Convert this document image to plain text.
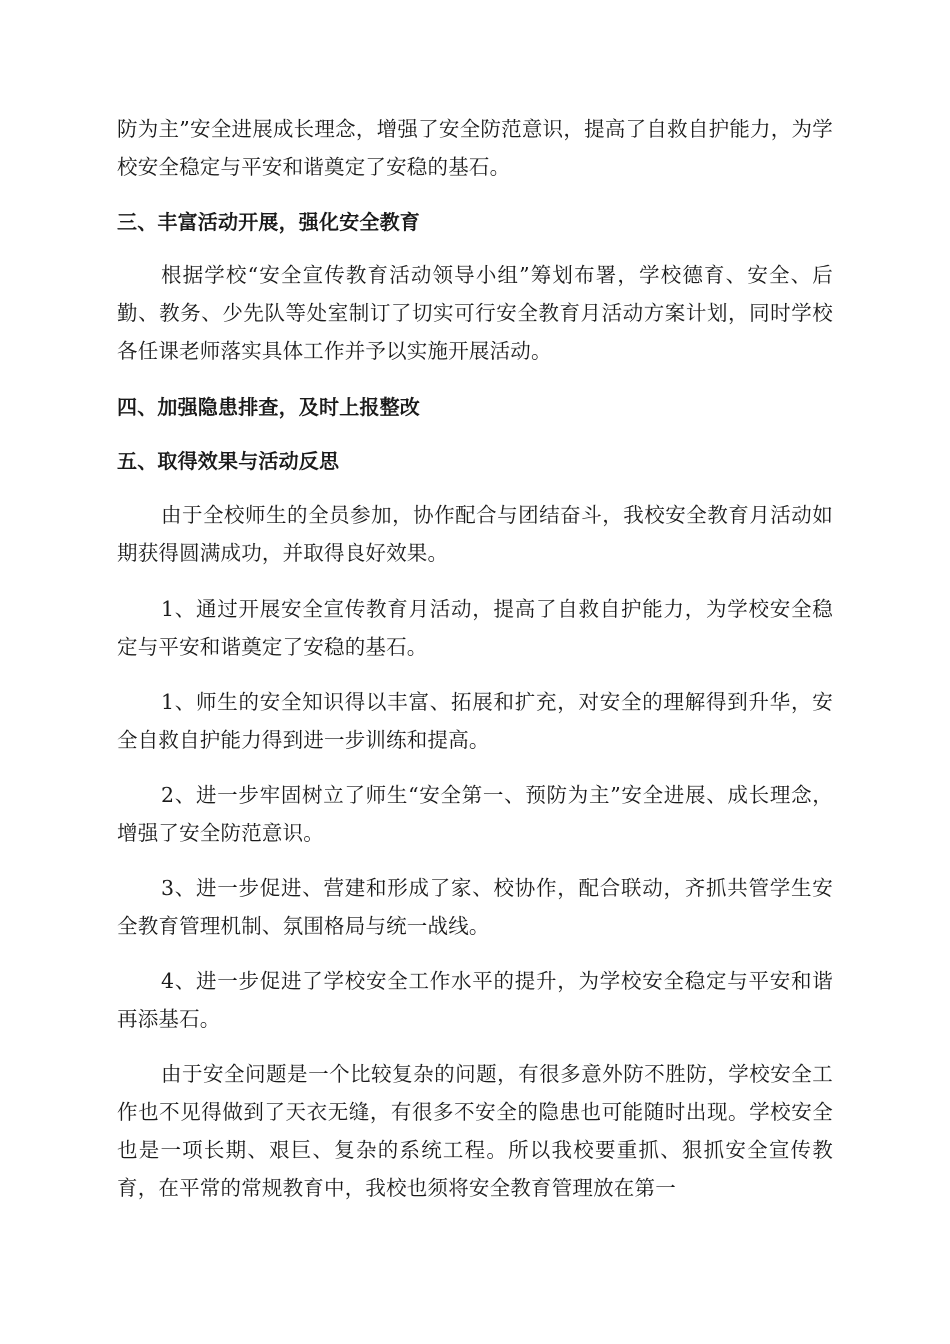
防为主”安全进展成长理念，增强了安全防范意识，提高了自救自护能力，为学校安全稳定与平安和谐奠定了安稳的基石。

三、丰富活动开展，强化安全教育

根据学校“安全宣传教育活动领导小组”筹划布署，学校德育、安全、后勤、教务、少先队等处室制订了切实可行安全教育月活动方案计划，同时学校各任课老师落实具体工作并予以实施开展活动。

四、加强隐患排查，及时上报整改
五、取得效果与活动反思

由于全校师生的全员参加，协作配合与团结奋斗，我校安全教育月活动如期获得圆满成功，并取得良好效果。

1、通过开展安全宣传教育月活动，提高了自救自护能力，为学校安全稳定与平安和谐奠定了安稳的基石。

1、师生的安全知识得以丰富、拓展和扩充，对安全的理解得到升华，安全自救自护能力得到进一步训练和提高。

2、进一步牢固树立了师生“安全第一、预防为主”安全进展、成长理念，增强了安全防范意识。

3、进一步促进、营建和形成了家、校协作，配合联动，齐抓共管学生安全教育管理机制、氛围格局与统一战线。

4、进一步促进了学校安全工作水平的提升，为学校安全稳定与平安和谐再添基石。

由于安全问题是一个比较复杂的问题，有很多意外防不胜防，学校安全工作也不见得做到了天衣无缝，有很多不安全的隐患也可能随时出现。学校安全也是一项长期、艰巨、复杂的系统工程。所以我校要重抓、狠抓安全宣传教育，在平常的常规教育中，我校也须将安全教育管理放在第一
